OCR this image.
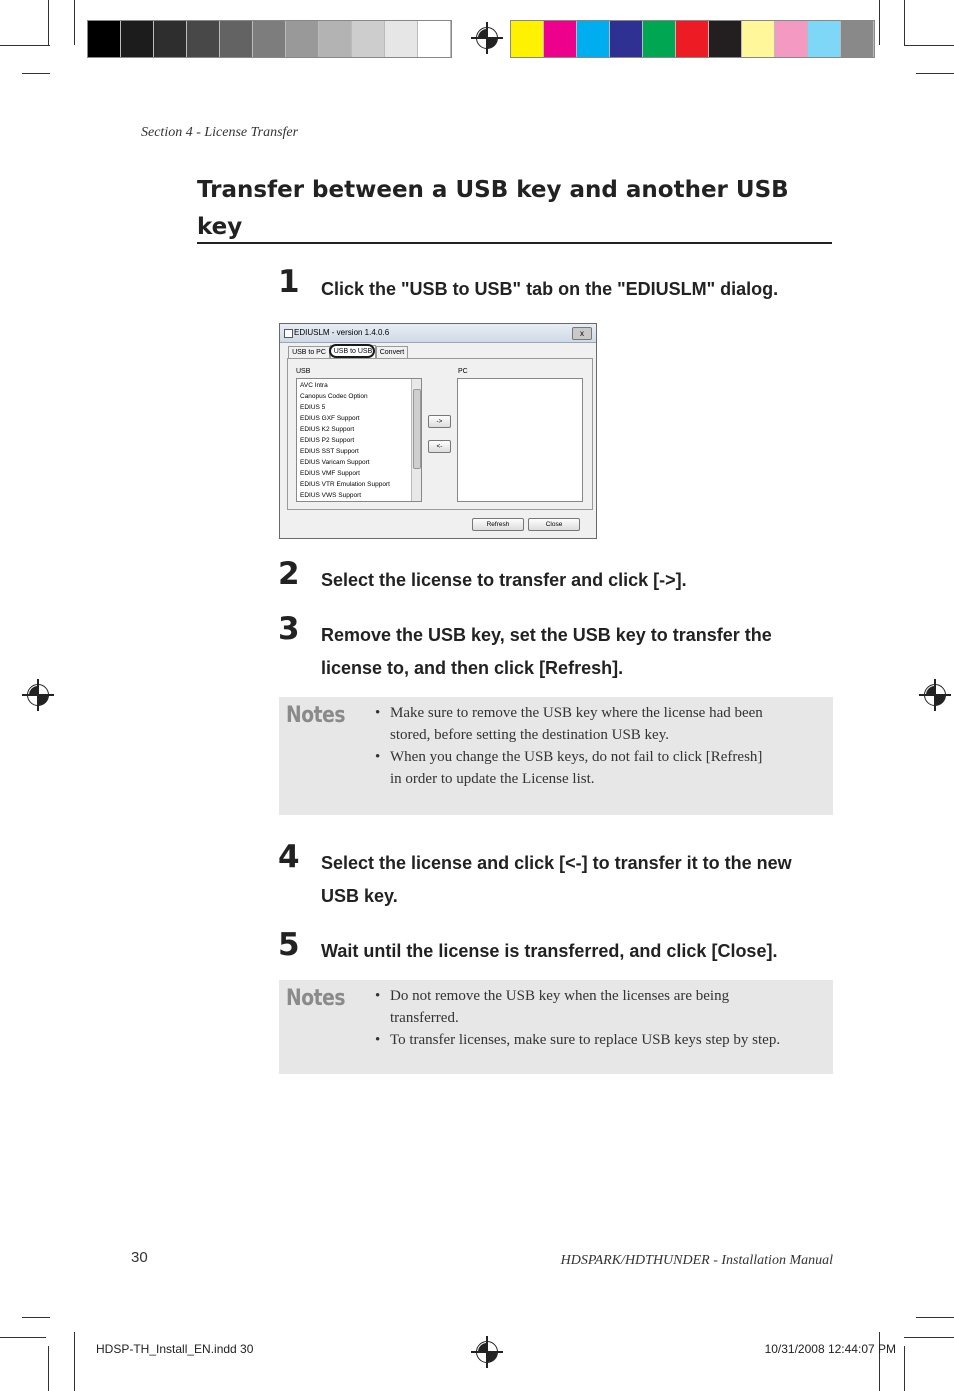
Section 4 - License Transfer
Transfer between a USB key and another USB key
1 Click the "USB to USB" tab on the "EDIUSLM" dialog.
EDIUSLM - version 1.4.0.6	x
USB to PC	USB to USB	Convert
USB	PC
AVC Intra
Canopus Codec Option
EDIUS 5
EDIUS GXF Support
EDIUS K2 Support
EDIUS P2 Support
EDIUS SST Support
EDIUS Varicam Support
EDIUS VMF Support
EDIUS VTR Emulation Support
EDIUS VWS Support
->
<-
Refresh	Close
2 Select the license to transfer and click [->].
3 Remove the USB key, set the USB key to transfer the license to, and then click [Refresh].
Notes • Make sure to remove the USB key where the license had been stored, before setting the destination USB key.
• When you change the USB keys, do not fail to click [Refresh] in order to update the License list.
4 Select the license and click [<-] to transfer it to the new USB key.
5 Wait until the license is transferred, and click [Close].
Notes • Do not remove the USB key when the licenses are being transferred.
• To transfer licenses, make sure to replace USB keys step by step.
30	HDSPARK/HDTHUNDER - Installation Manual
HDSP-TH_Install_EN.indd 30	10/31/2008 12:44:07 PM
